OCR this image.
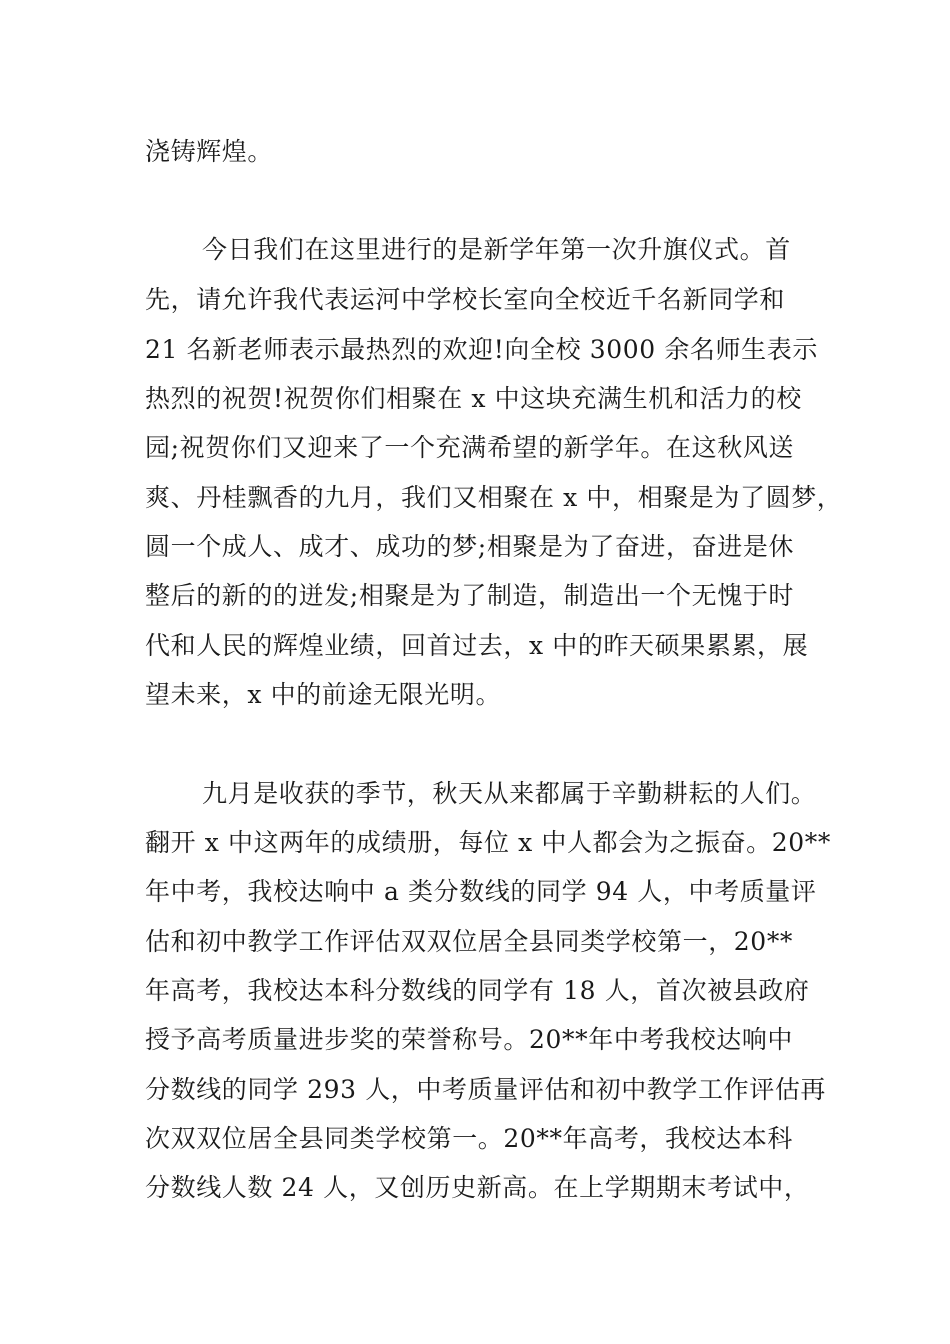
浇铸辉煌。
今日我们在这里进行的是新学年第一次升旗仪式。首
先，请允许我代表运河中学校长室向全校近千名新同学和
21 名新老师表示最热烈的欢迎!向全校 3000 余名师生表示
热烈的祝贺!祝贺你们相聚在 x 中这块充满生机和活力的校
园;祝贺你们又迎来了一个充满希望的新学年。在这秋风送
爽、丹桂飘香的九月，我们又相聚在 x 中，相聚是为了圆梦，
圆一个成人、成才、成功的梦;相聚是为了奋进，奋进是休
整后的新的的迸发;相聚是为了制造，制造出一个无愧于时
代和人民的辉煌业绩，回首过去，x 中的昨天硕果累累，展
望未来，x 中的前途无限光明。
九月是收获的季节，秋天从来都属于辛勤耕耘的人们。
翻开 x 中这两年的成绩册，每位 x 中人都会为之振奋。20**
年中考，我校达响中 a 类分数线的同学 94 人，中考质量评
估和初中教学工作评估双双位居全县同类学校第一，20**
年高考，我校达本科分数线的同学有 18 人，首次被县政府
授予高考质量进步奖的荣誉称号。20**年中考我校达响中
分数线的同学 293 人，中考质量评估和初中教学工作评估再
次双双位居全县同类学校第一。20**年高考，我校达本科
分数线人数 24 人，又创历史新高。在上学期期末考试中，
